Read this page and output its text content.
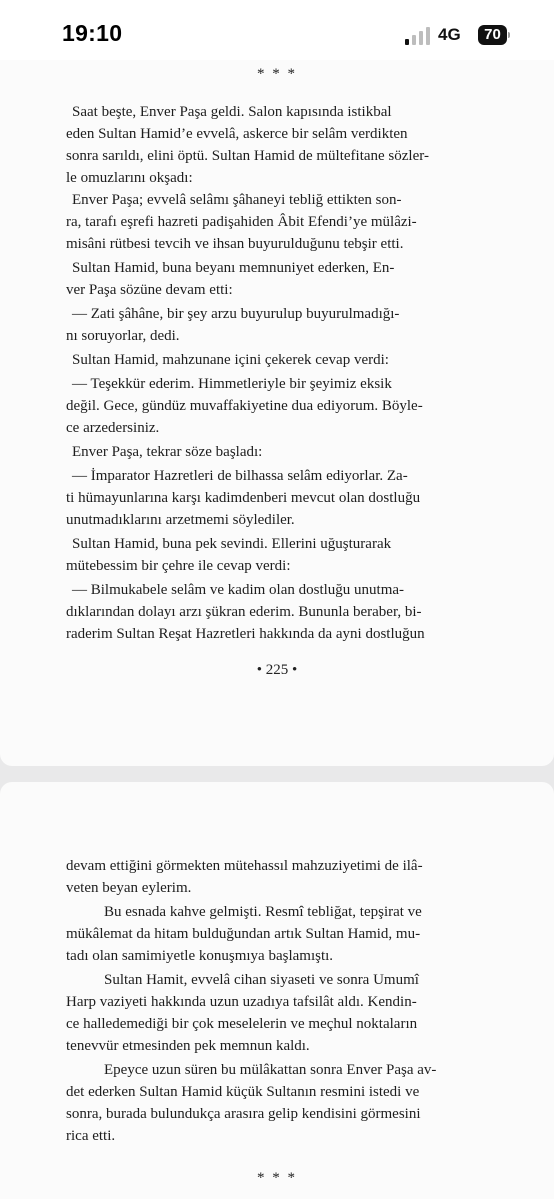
19:10	4G	70
* * *
Saat beşte, Enver Paşa geldi. Salon kapısında istikbal
eden Sultan Hamid’e evvelâ, askerce bir selâm verdikten
sonra sarıldı, elini öptü. Sultan Hamid de mültefitane sözler-
le omuzlarını okşadı:
Enver Paşa; evvelâ selâmı şâhaneyi tebliğ ettikten son-
ra, tarafı eşrefi hazreti padişahiden Âbit Efendi’ye mülâzi-
misâni rütbesi tevcih ve ihsan buyurulduğunu tebşir etti.
Sultan Hamid, buna beyanı memnuniyet ederken, En-
ver Paşa sözüne devam etti:
— Zati şâhâne, bir şey arzu buyurulup buyurulmadığı-
nı soruyorlar, dedi.
Sultan Hamid, mahzunane içini çekerek cevap verdi:
— Teşekkür ederim. Himmetleriyle bir şeyimiz eksik
değil. Gece, gündüz muvaffakiyetine dua ediyorum. Böyle-
ce arzedersiniz.
Enver Paşa, tekrar söze başladı:
— İmparator Hazretleri de bilhassa selâm ediyorlar. Za-
ti hümayunlarına karşı kadimdenberi mevcut olan dostluğu
unutmadıklarını arzetmemi söylediler.
Sultan Hamid, buna pek sevindi. Ellerini uğuşturarak
mütebessim bir çehre ile cevap verdi:
— Bilmukabele selâm ve kadim olan dostluğu unutma-
dıklarından dolayı arzı şükran ederim. Bununla beraber, bi-
raderim Sultan Reşat Hazretleri hakkında da ayni dostluğun
• 225 •
devam ettiğini görmekten mütehassıl mahzuziyetimi de ilâ-
veten beyan eylerim.
Bu esnada kahve gelmişti. Resmî tebliğat, tepşirat ve
mükâlemat da hitam bulduğundan artık Sultan Hamid, mu-
tadı olan samimiyetle konuşmıya başlamıştı.
Sultan Hamit, evvelâ cihan siyaseti ve sonra Umumî
Harp vaziyeti hakkında uzun uzadıya tafsilât aldı. Kendin-
ce halledemediği bir çok meselelerin ve meçhul noktaların
tenevvür etmesinden pek memnun kaldı.
Epeyce uzun süren bu mülâkattan sonra Enver Paşa av-
det ederken Sultan Hamid küçük Sultanın resmini istedi ve
sonra, burada bulundukça arasıra gelip kendisini görmesini
rica etti.
* * *
